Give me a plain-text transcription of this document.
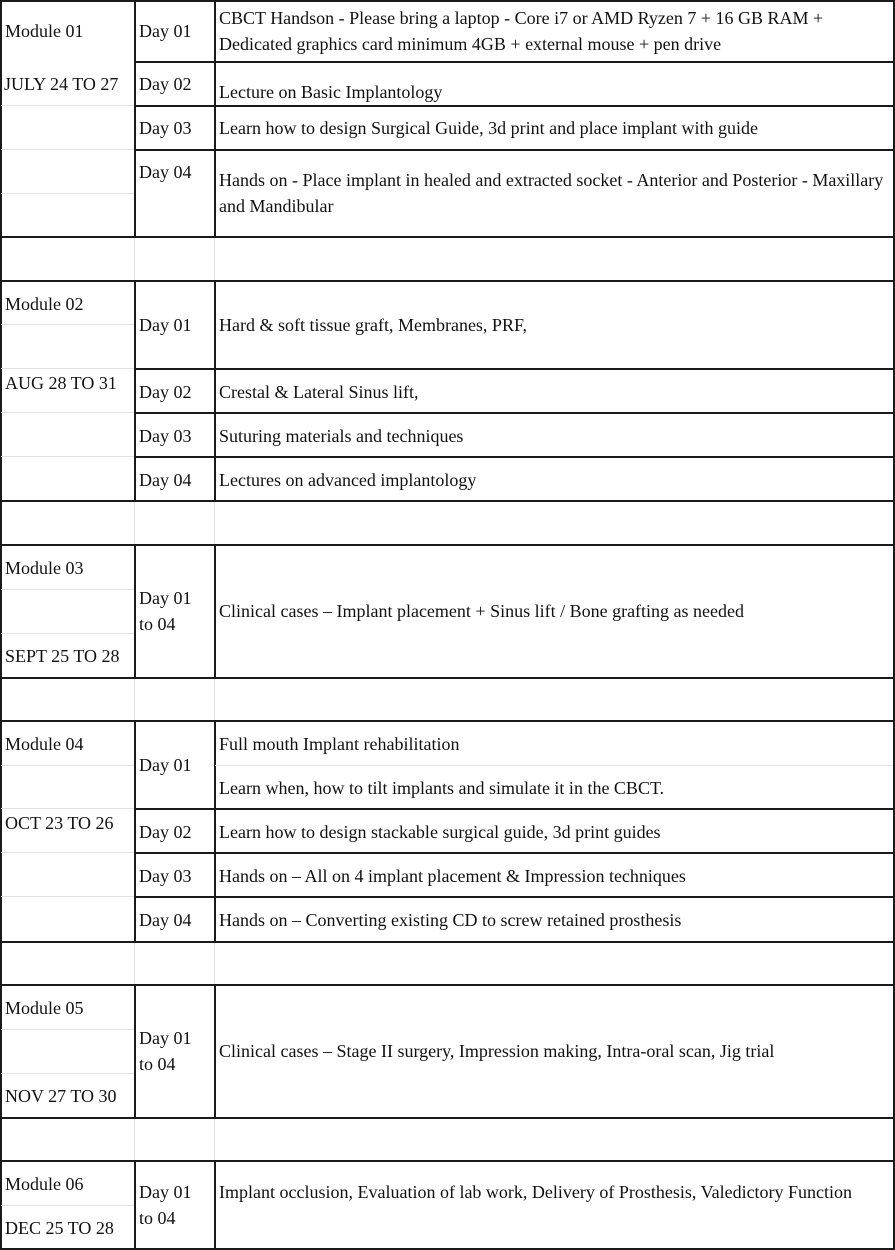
Module 01
JULY 24 TO 27
Day 01
CBCT Handson - Please bring a laptop - Core i7 or AMD Ryzen 7 + 16 GB RAM + Dedicated graphics card minimum 4GB + external mouse + pen drive
Day 02 Lecture on Basic Implantology
Day 03 Learn how to design Surgical Guide, 3d print and place implant with guide
Day 04 Hands on - Place implant in healed and extracted socket - Anterior and Posterior - Maxillary and Mandibular
Module 02
AUG 28 TO 31
Day 01 Hard & soft tissue graft, Membranes, PRF,
Day 02 Crestal & Lateral Sinus lift,
Day 03 Suturing materials and techniques
Day 04 Lectures on advanced implantology
Module 03
SEPT 25 TO 28
Day 01 to 04
Clinical cases – Implant placement + Sinus lift / Bone grafting as needed
Module 04
OCT 23 TO 26
Day 01
Full mouth Implant rehabilitation
Learn when, how to tilt implants and simulate it in the CBCT.
Day 02 Learn how to design stackable surgical guide, 3d print guides
Day 03 Hands on – All on 4 implant placement & Impression techniques
Day 04 Hands on – Converting existing CD to screw retained prosthesis
Module 05
NOV 27 TO 30
Day 01 to 04
Clinical cases – Stage II surgery, Impression making, Intra-oral scan, Jig trial
Module 06
DEC 25 TO 28
Day 01 to 04
Implant occlusion, Evaluation of lab work, Delivery of Prosthesis, Valedictory Function
